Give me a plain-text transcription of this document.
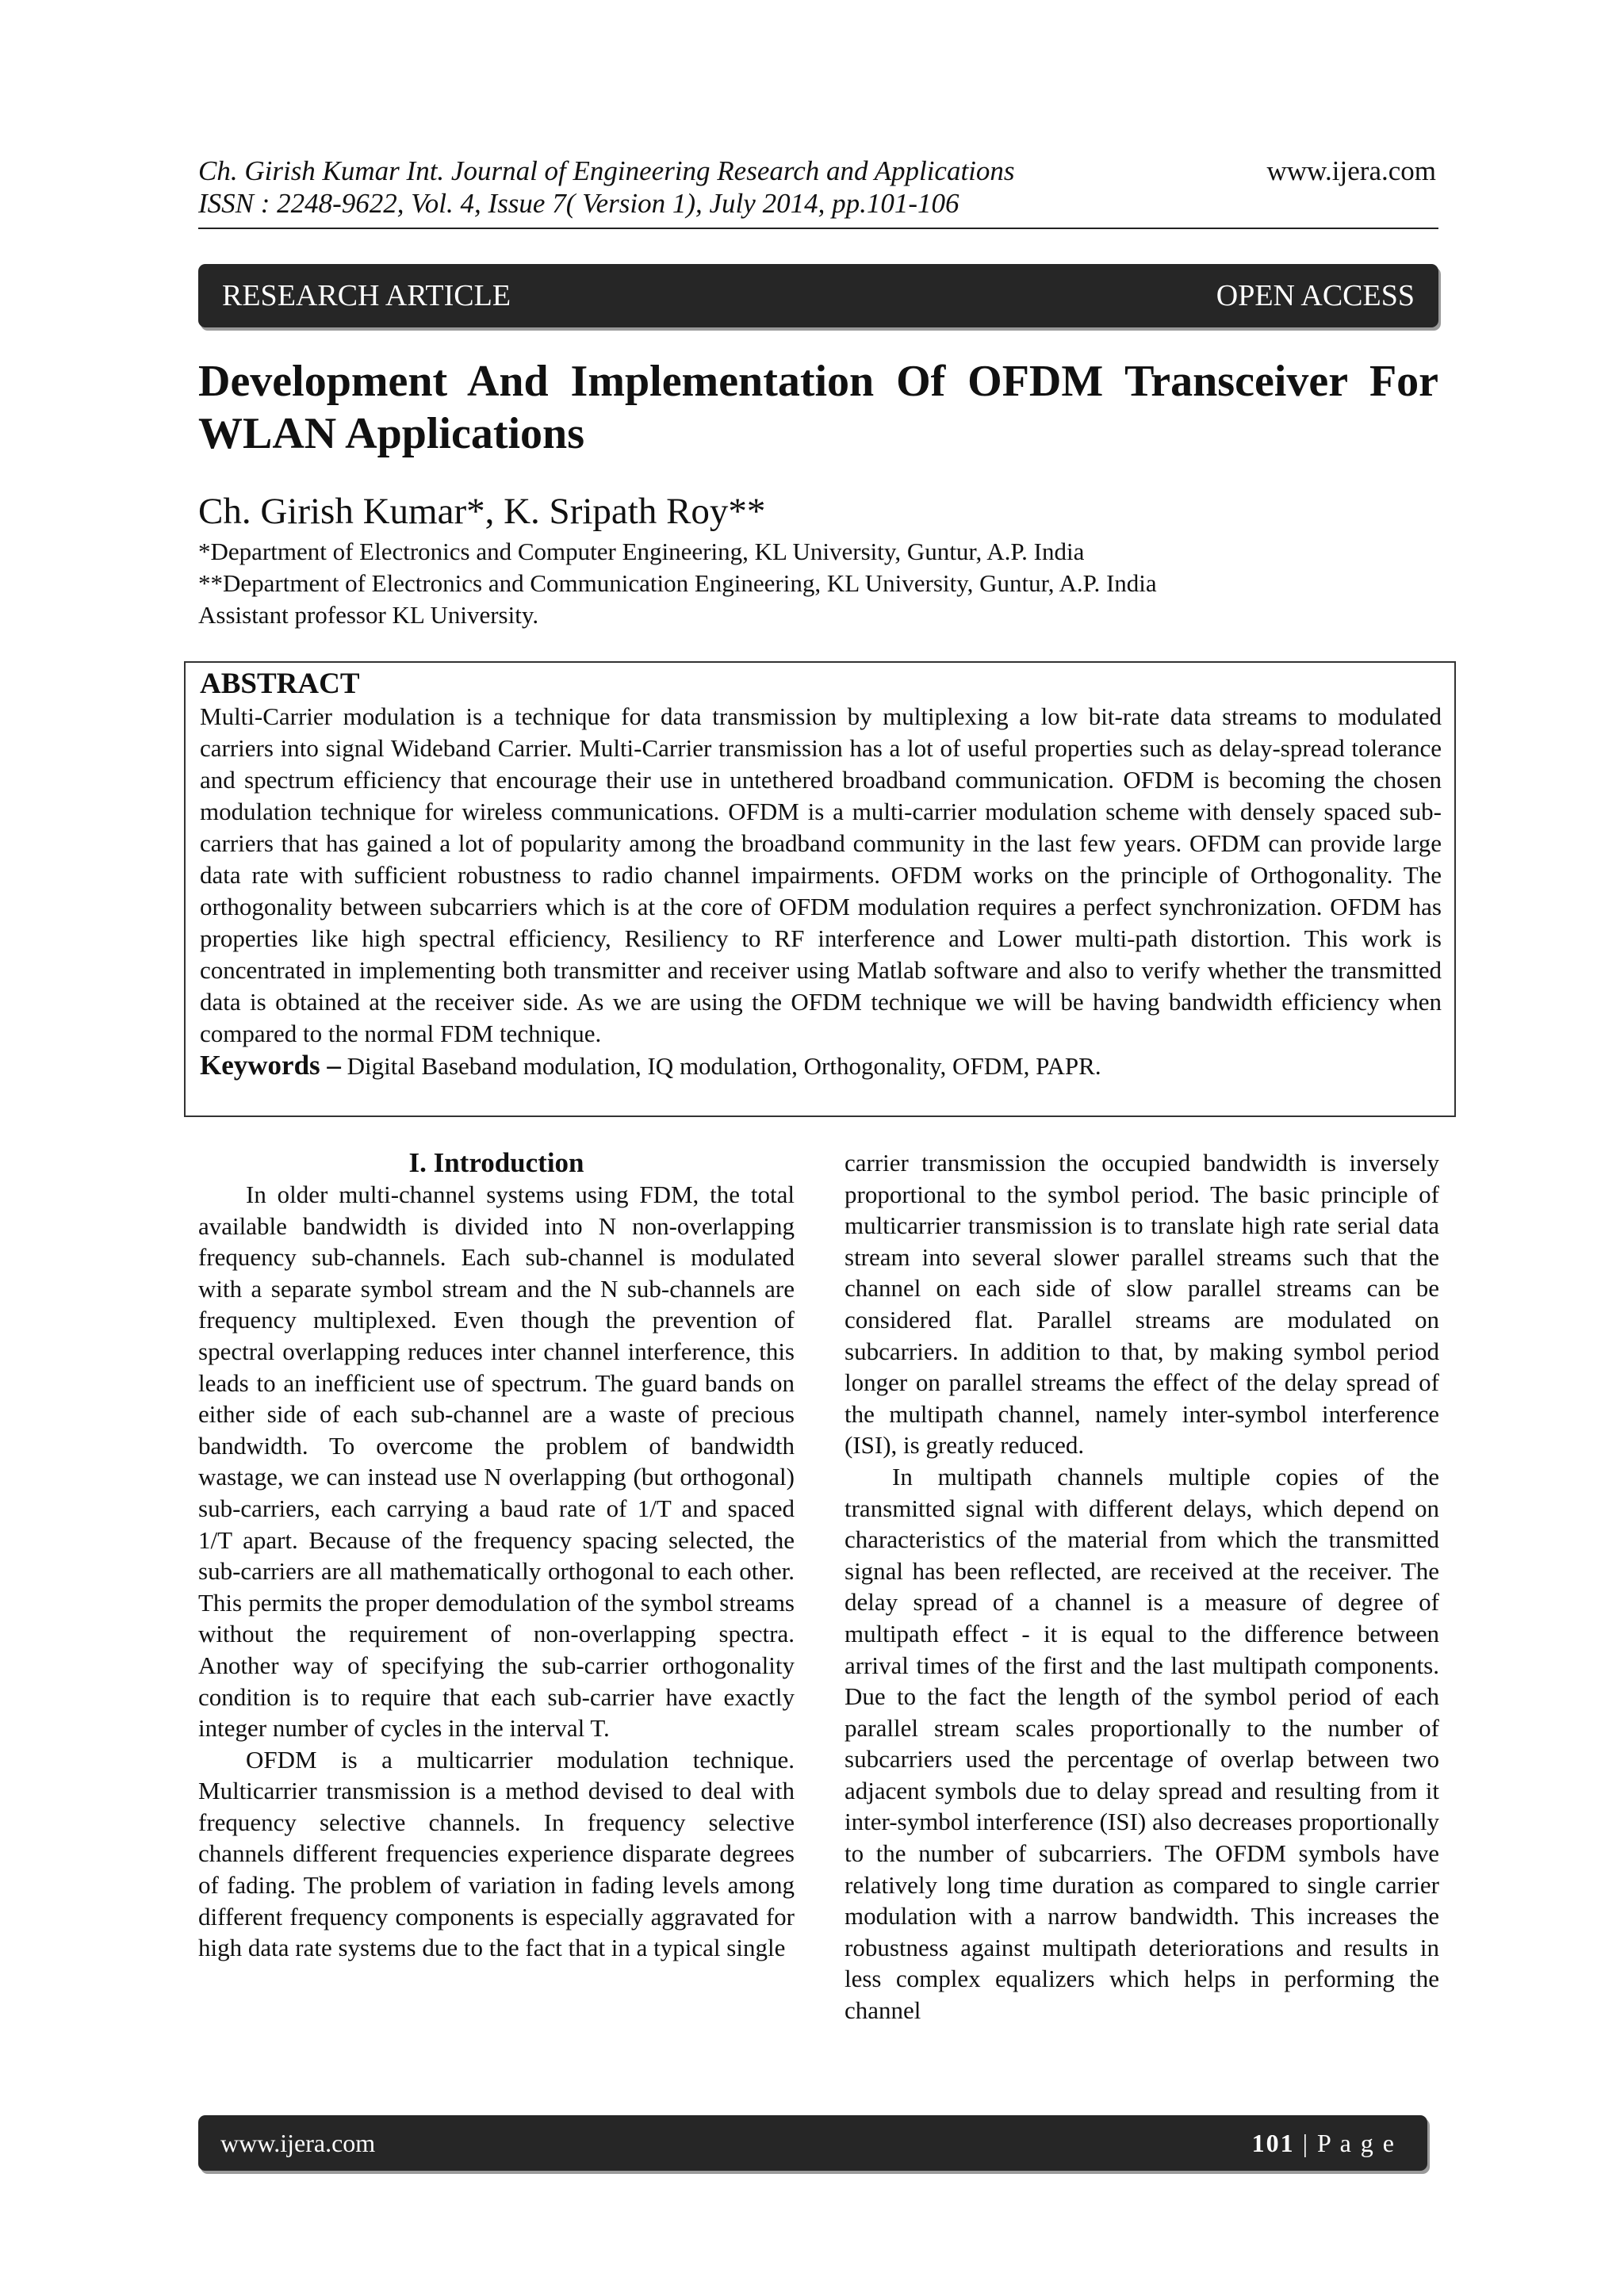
Ch. Girish Kumar Int. Journal of Engineering Research and Applications
ISSN : 2248-9622, Vol. 4, Issue 7( Version 1), July 2014, pp.101-106
www.ijera.com
RESEARCH ARTICLE	OPEN ACCESS
Development And Implementation Of OFDM Transceiver For WLAN Applications
Ch. Girish Kumar*, K. Sripath Roy**
*Department of Electronics and Computer Engineering, KL University, Guntur, A.P. India
**Department of Electronics and Communication Engineering, KL University, Guntur, A.P. India
Assistant professor KL University.
ABSTRACT

Multi-Carrier modulation is a technique for data transmission by multiplexing a low bit-rate data streams to modulated carriers into signal Wideband Carrier. Multi-Carrier transmission has a lot of useful properties such as delay-spread tolerance and spectrum efficiency that encourage their use in untethered broadband communication. OFDM is becoming the chosen modulation technique for wireless communications. OFDM is a multi-carrier modulation scheme with densely spaced sub-carriers that has gained a lot of popularity among the broadband community in the last few years. OFDM can provide large data rate with sufficient robustness to radio channel impairments. OFDM works on the principle of Orthogonality. The orthogonality between subcarriers which is at the core of OFDM modulation requires a perfect synchronization. OFDM has properties like high spectral efficiency, Resiliency to RF interference and Lower multi-path distortion. This work is concentrated in implementing both transmitter and receiver using Matlab software and also to verify whether the transmitted data is obtained at the receiver side. As we are using the OFDM technique we will be having bandwidth efficiency when compared to the normal FDM technique.

Keywords – Digital Baseband modulation, IQ modulation, Orthogonality, OFDM, PAPR.

I. Introduction

In older multi-channel systems using FDM, the total available bandwidth is divided into N non-overlapping frequency sub-channels. Each sub-channel is modulated with a separate symbol stream and the N sub-channels are frequency multiplexed. Even though the prevention of spectral overlapping reduces inter channel interference, this leads to an inefficient use of spectrum. The guard bands on either side of each sub-channel are a waste of precious bandwidth. To overcome the problem of bandwidth wastage, we can instead use N overlapping (but orthogonal) sub-carriers, each carrying a baud rate of 1/T and spaced 1/T apart. Because of the frequency spacing selected, the sub-carriers are all mathematically orthogonal to each other. This permits the proper demodulation of the symbol streams without the requirement of non-overlapping spectra. Another way of specifying the sub-carrier orthogonality condition is to require that each sub-carrier have exactly integer number of cycles in the interval T.

OFDM is a multicarrier modulation technique. Multicarrier transmission is a method devised to deal with frequency selective channels. In frequency selective channels different frequencies experience disparate degrees of fading. The problem of variation in fading levels among different frequency components is especially aggravated for high data rate systems due to the fact that in a typical single

carrier transmission the occupied bandwidth is inversely proportional to the symbol period. The basic principle of multicarrier transmission is to translate high rate serial data stream into several slower parallel streams such that the channel on each side of slow parallel streams can be considered flat. Parallel streams are modulated on subcarriers. In addition to that, by making symbol period longer on parallel streams the effect of the delay spread of the multipath channel, namely inter-symbol interference (ISI), is greatly reduced.

In multipath channels multiple copies of the transmitted signal with different delays, which depend on characteristics of the material from which the transmitted signal has been reflected, are received at the receiver. The delay spread of a channel is a measure of degree of multipath effect - it is equal to the difference between arrival times of the first and the last multipath components. Due to the fact the length of the symbol period of each parallel stream scales proportionally to the number of subcarriers used the percentage of overlap between two adjacent symbols due to delay spread and resulting from it inter-symbol interference (ISI) also decreases proportionally to the number of subcarriers. The OFDM symbols have relatively long time duration as compared to single carrier modulation with a narrow bandwidth. This increases the robustness against multipath deteriorations and results in less complex equalizers which helps in performing the channel

www.ijera.com	101 | P a g e
